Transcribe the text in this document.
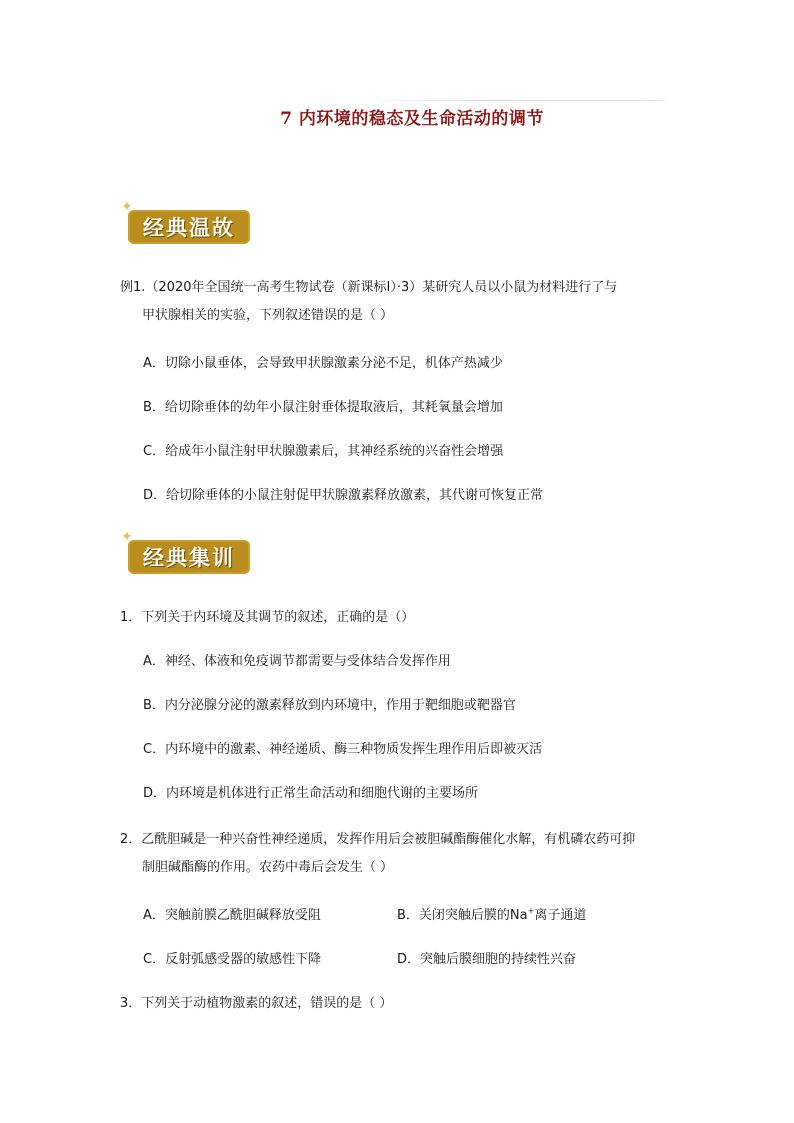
7 内环境的稳态及生命活动的调节
✦
经典温故
例1.（2020年全国统一高考生物试卷（新课标Ⅰ）·3）某研究人员以小鼠为材料进行了与
甲状腺相关的实验，下列叙述错误的是（ ）
A．切除小鼠垂体，会导致甲状腺激素分泌不足，机体产热减少
B．给切除垂体的幼年小鼠注射垂体提取液后，其耗氧量会增加
C．给成年小鼠注射甲状腺激素后，其神经系统的兴奋性会增强
D．给切除垂体的小鼠注射促甲状腺激素释放激素，其代谢可恢复正常
✦
经典集训
1．下列关于内环境及其调节的叙述，正确的是（）
A．神经、体液和免疫调节都需要与受体结合发挥作用
B．内分泌腺分泌的激素释放到内环境中，作用于靶细胞或靶器官
C．内环境中的激素、神经递质、酶三种物质发挥生理作用后即被灭活
D．内环境是机体进行正常生命活动和细胞代谢的主要场所
2．乙酰胆碱是一种兴奋性神经递质，发挥作用后会被胆碱酯酶催化水解，有机磷农药可抑
制胆碱酯酶的作用。农药中毒后会发生（ ）
A．突触前膜乙酰胆碱释放受阻	B．关闭突触后膜的Na+离子通道
C．反射弧感受器的敏感性下降	D．突触后膜细胞的持续性兴奋
3．下列关于动植物激素的叙述，错误的是（ ）
